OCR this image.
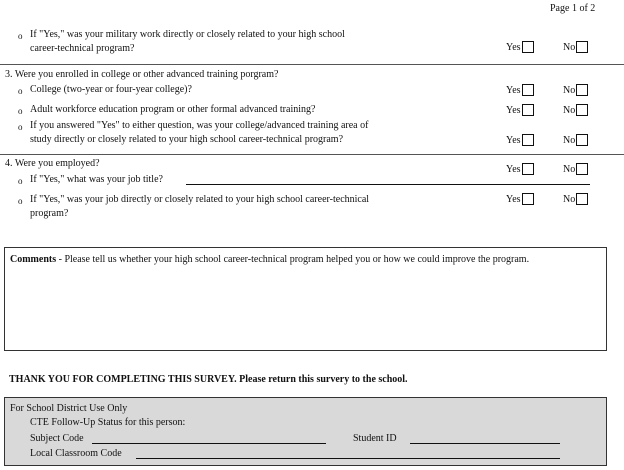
Page 1 of 2
o If "Yes," was your military work directly or closely related to your high school
career-technical program?	Yes	No
3. Were you enrolled in college or other advanced training porgram?
o College (two-year or four-year college)?	Yes	No
o Adult workforce education program or other formal advanced training?	Yes	No
o If you answered "Yes" to either question, was your college/advanced training area of
study directly or closely related to your high school career-technical program?	Yes	No
4. Were you employed?	Yes	No
o If "Yes," what was your job title?
o If "Yes," was your job directly or closely related to your high school career-technical
program?
Yes	No
Comments - Please tell us whether your high school career-technical program helped you or how we could improve the program.
THANK YOU FOR COMPLETING THIS SURVEY. Please return this survery to the school.
For School District Use Only
CTE Follow-Up Status for this person:
Subject Code	Student ID
Local Classroom Code
